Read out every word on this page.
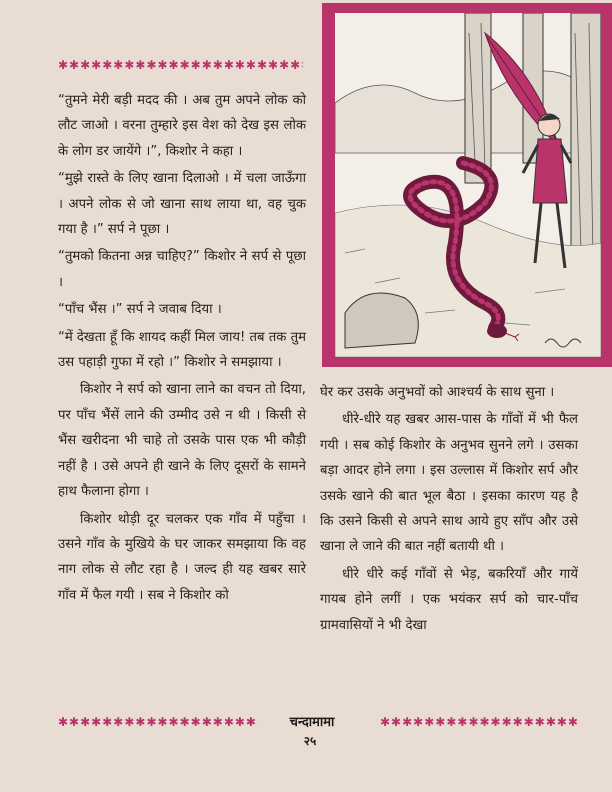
✱✱✱✱✱✱✱✱✱✱✱✱✱✱✱✱✱✱✱✱✱✱✱✱

“तुमने मेरी बड़ी मदद की । अब तुम अपने लोक को लौट जाओ । वरना तुम्हारे इस वेश को देख इस लोक के लोग डर जायेंगे ।”, किशोर ने कहा ।

“मुझे रास्ते के लिए खाना दिलाओ । में चला जाऊँगा । अपने लोक से जो खाना साथ लाया था, वह चुक गया है ।” सर्प ने पूछा ।

“तुमको कितना अन्न चाहिए?” किशोर ने सर्प से पूछा ।

“पाँच भैंस ।” सर्प ने जवाब दिया ।

“में देखता हूँ कि शायद कहीं मिल जाय! तब तक तुम उस पहाड़ी गुफा में रहो ।” किशोर ने समझाया ।

किशोर ने सर्प को खाना लाने का वचन तो दिया, पर पाँच भैंसें लाने की उम्मीद उसे न थी । किसी से भैंस खरीदना भी चाहे तो उसके पास एक भी कौड़ी नहीं है । उसे अपने ही खाने के लिए दूसरों के सामने हाथ फैलाना होगा ।

किशोर थोड़ी दूर चलकर एक गाँव में पहुँचा । उसने गाँव के मुखिये के घर जाकर समझाया कि वह नाग लोक से लौट रहा है । जल्द ही यह खबर सारे गाँव में फैल गयी । सब ने किशोर को

घेर कर उसके अनुभवों को आश्चर्य के साथ सुना ।

धीरे-धीरे यह खबर आस-पास के गाँवों में भी फैल गयी । सब कोई किशोर के अनुभव सुनने लगे । उसका बड़ा आदर होने लगा । इस उल्लास में किशोर सर्प और उसके खाने की बात भूल बैठा । इसका कारण यह है कि उसने किसी से अपने साथ आये हुए साँप और उसे खाना ले जाने की बात नहीं बतायी थी ।

धीरे धीरे कई गाँवों से भेड़, बकरियाँ और गायें गायब होने लगीं । एक भयंकर सर्प को चार-पाँच ग्रामवासियों ने भी देखा

✱✱✱✱✱✱✱✱✱✱✱✱✱✱✱✱✱✱✱✱✱✱✱✱
✱✱✱✱✱✱✱✱✱✱✱✱✱✱✱✱✱✱✱✱✱✱✱✱
चन्दामामा
२५
